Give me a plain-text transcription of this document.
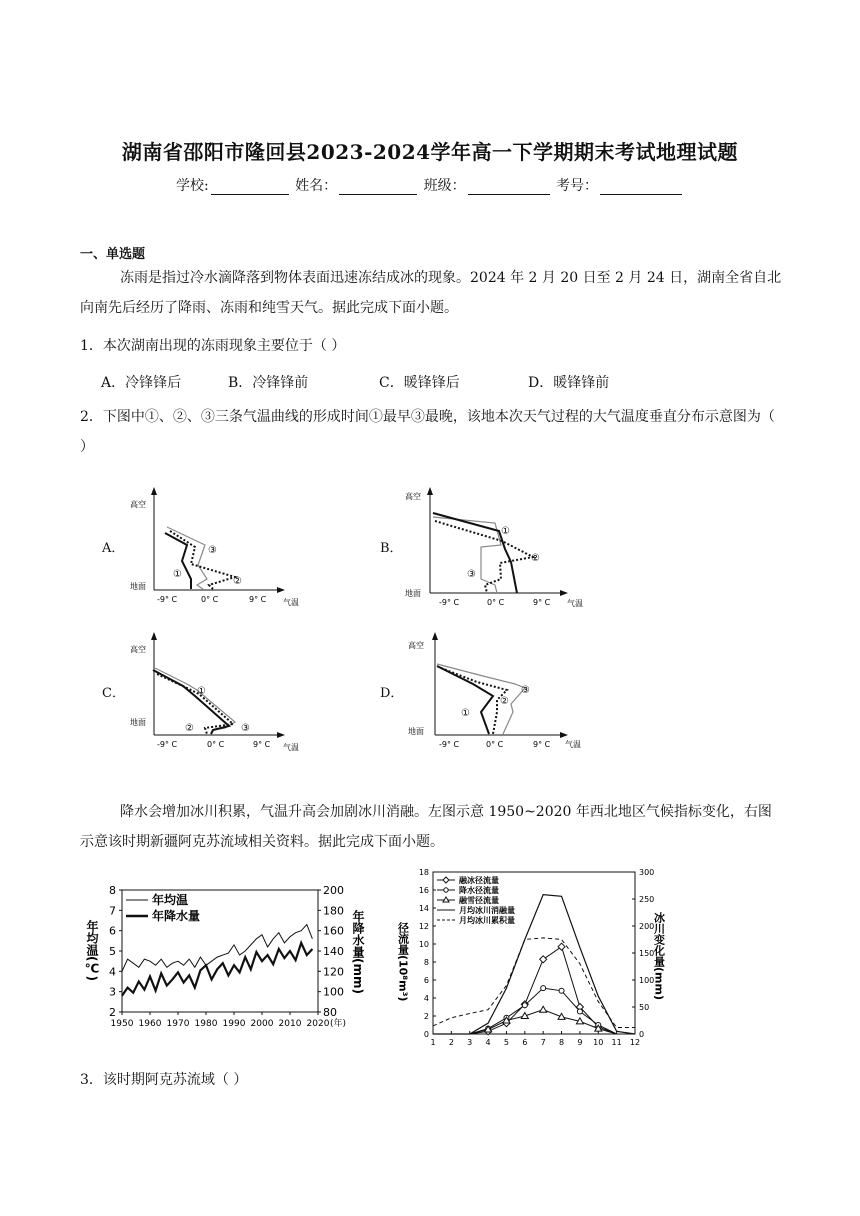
湖南省邵阳市隆回县2023-2024学年高一下学期期末考试地理试题
学校:	姓名：	班级：	考号：
一、单选题
冻雨是指过冷水滴降落到物体表面迅速冻结成冰的现象。2024 年 2 月 20 日至 2 月 24 日，湖南全省自北向南先后经历了降雨、冻雨和纯雪天气。据此完成下面小题。
1．本次湖南出现的冻雨现象主要位于（ ）
A．冷锋锋后	B．冷锋锋前	C．暖锋锋后	D．暖锋锋前
2．下图中①、②、③三条气温曲线的形成时间①最早③最晚，该地本次天气过程的大气温度垂直分布示意图为（ ）
A．	B．
C．	D．
高空
地面
-9° C	0° C	9° C 气温
③
①
②
高空
地面
-9° C	0° C	9° C 气温
①
②
③
高空
地面
-9° C	0° C	9° C 气温
①
②	③
高空
地面
-9° C	0° C	9° C 气温
③
②
①
降水会增加冰川积累，气温升高会加剧冰川消融。左图示意 1950~2020 年西北地区气候指标变化，右图示意该时期新疆阿克苏流域相关资料。据此完成下面小题。
2
3
4
5
6
7
8
80
100
120
140
160
180
200
1950 1960 1970 1980 1990 2000 2010 2020 (年)
年均温(℃)	年降水量(mm)
年均温
年降水量
0
2
4
6
8
10
12
14
16
18
0
50
100
150
200
250
300
1 2 3 4 5 6 7 8 9 10 11 12
径流量(10⁸m³)	冰川变化量(mm)
融冰径流量
降水径流量
融雪径流量
月均冰川消融量
月均冰川累积量
3．该时期阿克苏流域（ ）
